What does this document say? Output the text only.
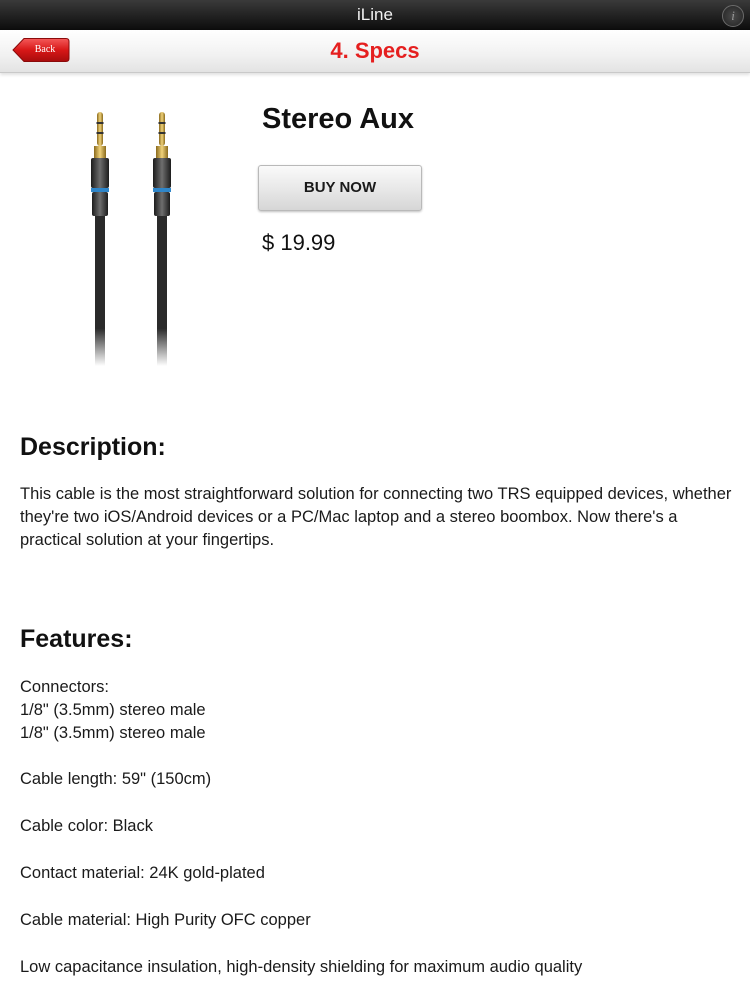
iLine	i
Back	4. Specs
Stereo Aux
BUY NOW
$ 19.99
Description:

This cable is the most straightforward solution for connecting two TRS equipped devices, whether they're two iOS/Android devices or a PC/Mac laptop and a stereo boombox. Now there's a practical solution at your fingertips.

Features:
Connectors:
1/8" (3.5mm) stereo male
1/8" (3.5mm) stereo male
Cable length: 59" (150cm)
Cable color: Black
Contact material: 24K gold-plated
Cable material: High Purity OFC copper
Low capacitance insulation, high-density shielding for maximum audio quality
